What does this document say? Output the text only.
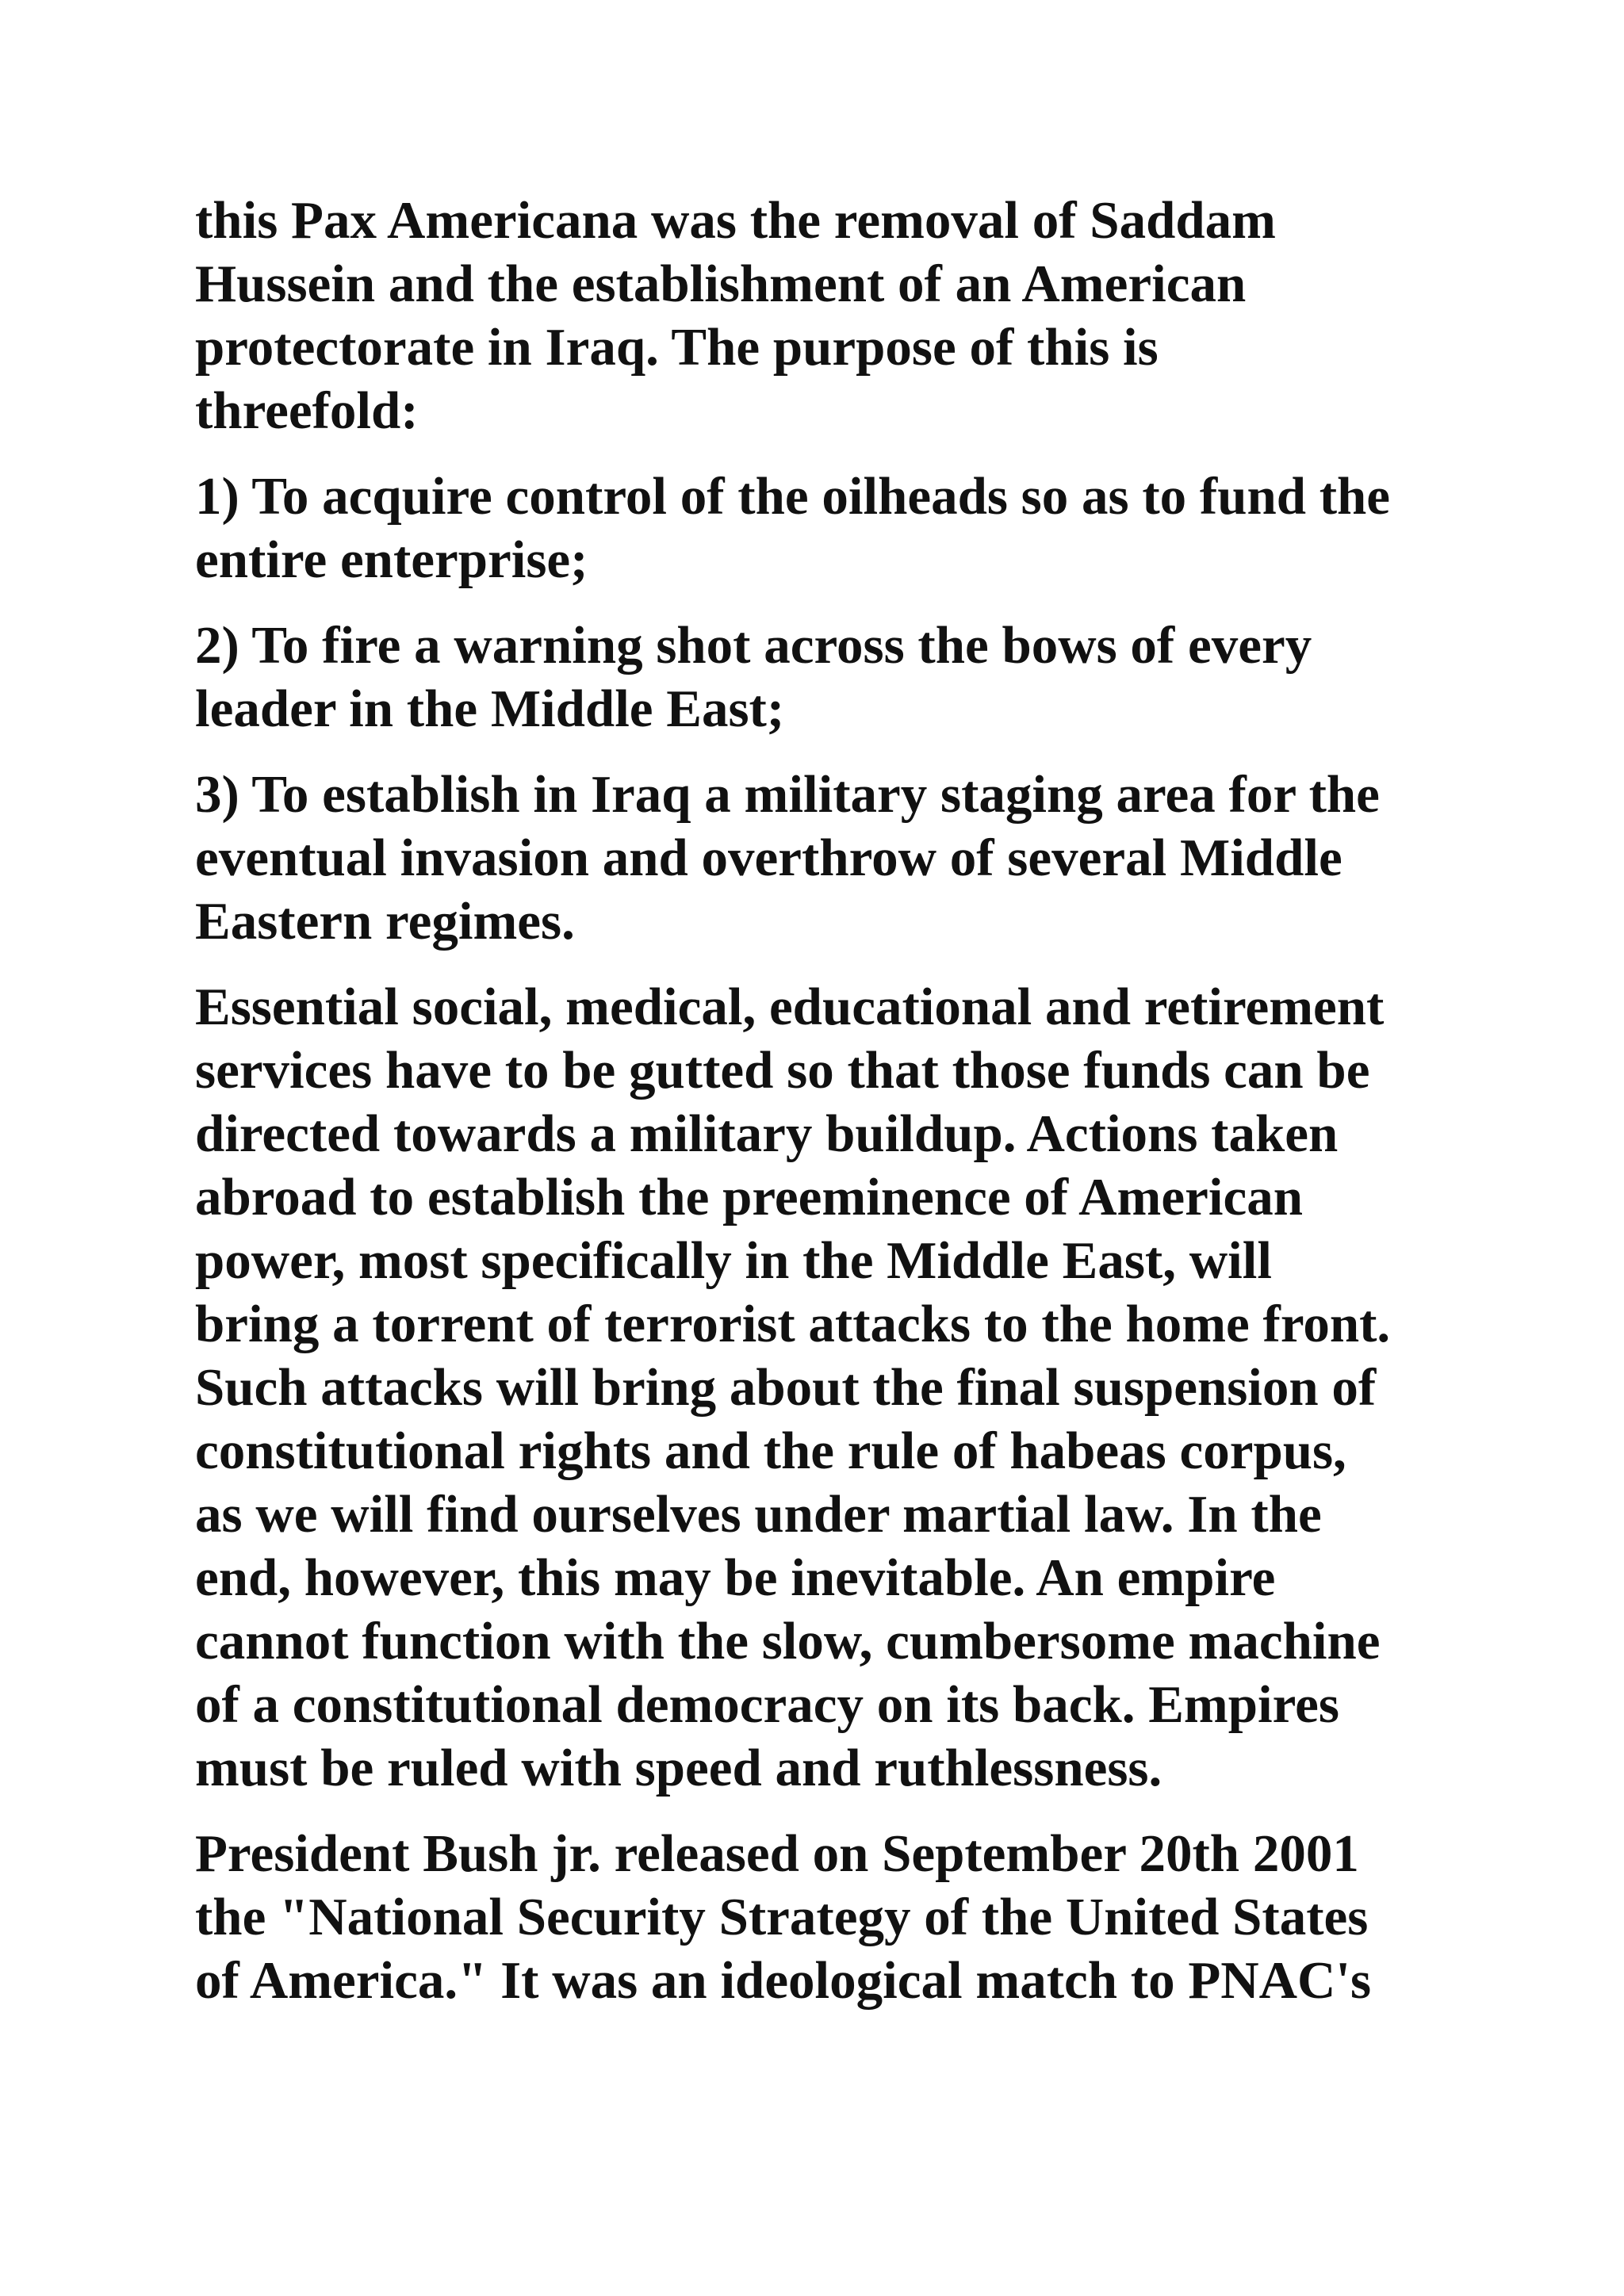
this Pax Americana was the removal of Saddam
Hussein and the establishment of an American
protectorate in Iraq. The purpose of this is
threefold:

1) To acquire control of the oilheads so as to fund the
entire enterprise;

2) To fire a warning shot across the bows of every
leader in the Middle East;

3) To establish in Iraq a military staging area for the
eventual invasion and overthrow of several Middle
Eastern regimes.

Essential social, medical, educational and retirement
services have to be gutted so that those funds can be
directed towards a military buildup. Actions taken
abroad to establish the preeminence of American
power, most specifically in the Middle East, will
bring a torrent of terrorist attacks to the home front.
Such attacks will bring about the final suspension of
constitutional rights and the rule of habeas corpus,
as we will find ourselves under martial law. In the
end, however, this may be inevitable. An empire
cannot function with the slow, cumbersome machine
of a constitutional democracy on its back. Empires
must be ruled with speed and ruthlessness.

President Bush jr. released on September 20th 2001
the "National Security Strategy of the United States
of America." It was an ideological match to PNAC's
